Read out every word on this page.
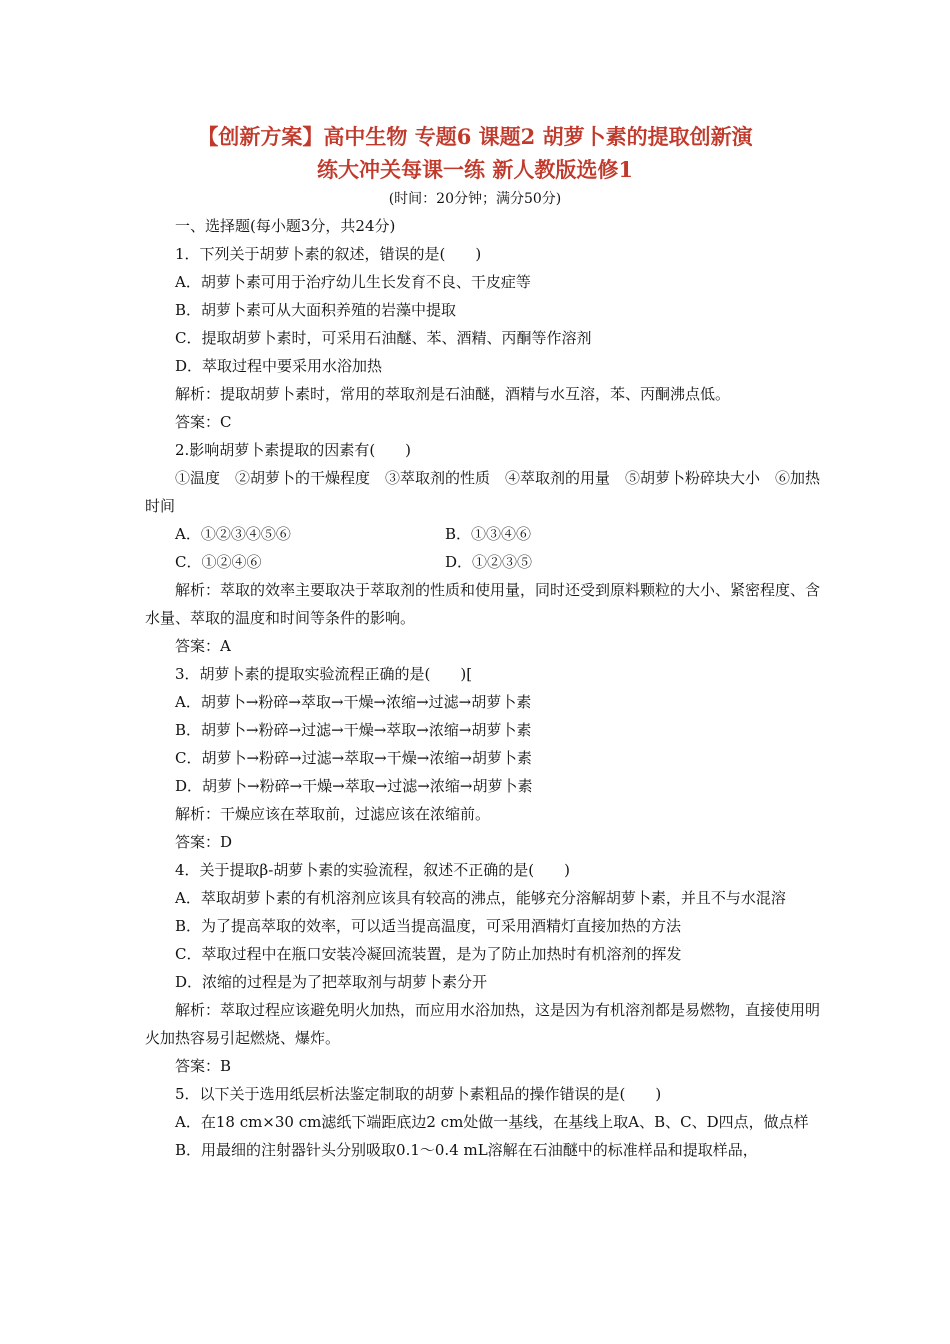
【创新方案】高中生物 专题6 课题2 胡萝卜素的提取创新演
练大冲关每课一练 新人教版选修1
(时间：20分钟；满分50分)

一、选择题(每小题3分，共24分)

1．下列关于胡萝卜素的叙述，错误的是(　　)

A．胡萝卜素可用于治疗幼儿生长发育不良、干皮症等

B．胡萝卜素可从大面积养殖的岩藻中提取

C．提取胡萝卜素时，可采用石油醚、苯、酒精、丙酮等作溶剂

D．萃取过程中要采用水浴加热

解析：提取胡萝卜素时，常用的萃取剂是石油醚，酒精与水互溶，苯、丙酮沸点低。

答案：C

2.影响胡萝卜素提取的因素有(　　)

①温度　②胡萝卜的干燥程度　③萃取剂的性质　④萃取剂的用量　⑤胡萝卜粉碎块大小　⑥加热时间

A．①②③④⑤⑥	B．①③④⑥
C．①②④⑥	D．①②③⑤

解析：萃取的效率主要取决于萃取剂的性质和使用量，同时还受到原料颗粒的大小、紧密程度、含水量、萃取的温度和时间等条件的影响。

答案：A

3．胡萝卜素的提取实验流程正确的是(　　)[

A．胡萝卜→粉碎→萃取→干燥→浓缩→过滤→胡萝卜素

B．胡萝卜→粉碎→过滤→干燥→萃取→浓缩→胡萝卜素

C．胡萝卜→粉碎→过滤→萃取→干燥→浓缩→胡萝卜素

D．胡萝卜→粉碎→干燥→萃取→过滤→浓缩→胡萝卜素

解析：干燥应该在萃取前，过滤应该在浓缩前。

答案：D

4．关于提取β-胡萝卜素的实验流程，叙述不正确的是(　　)

A．萃取胡萝卜素的有机溶剂应该具有较高的沸点，能够充分溶解胡萝卜素，并且不与水混溶

B．为了提高萃取的效率，可以适当提高温度，可采用酒精灯直接加热的方法

C．萃取过程中在瓶口安装冷凝回流装置，是为了防止加热时有机溶剂的挥发

D．浓缩的过程是为了把萃取剂与胡萝卜素分开

解析：萃取过程应该避免明火加热，而应用水浴加热，这是因为有机溶剂都是易燃物，直接使用明火加热容易引起燃烧、爆炸。

答案：B

5．以下关于选用纸层析法鉴定制取的胡萝卜素粗品的操作错误的是(　　)

A．在18 cm×30 cm滤纸下端距底边2 cm处做一基线，在基线上取A、B、C、D四点，做点样

B．用最细的注射器针头分别吸取0.1～0.4 mL溶解在石油醚中的标准样品和提取样品，
